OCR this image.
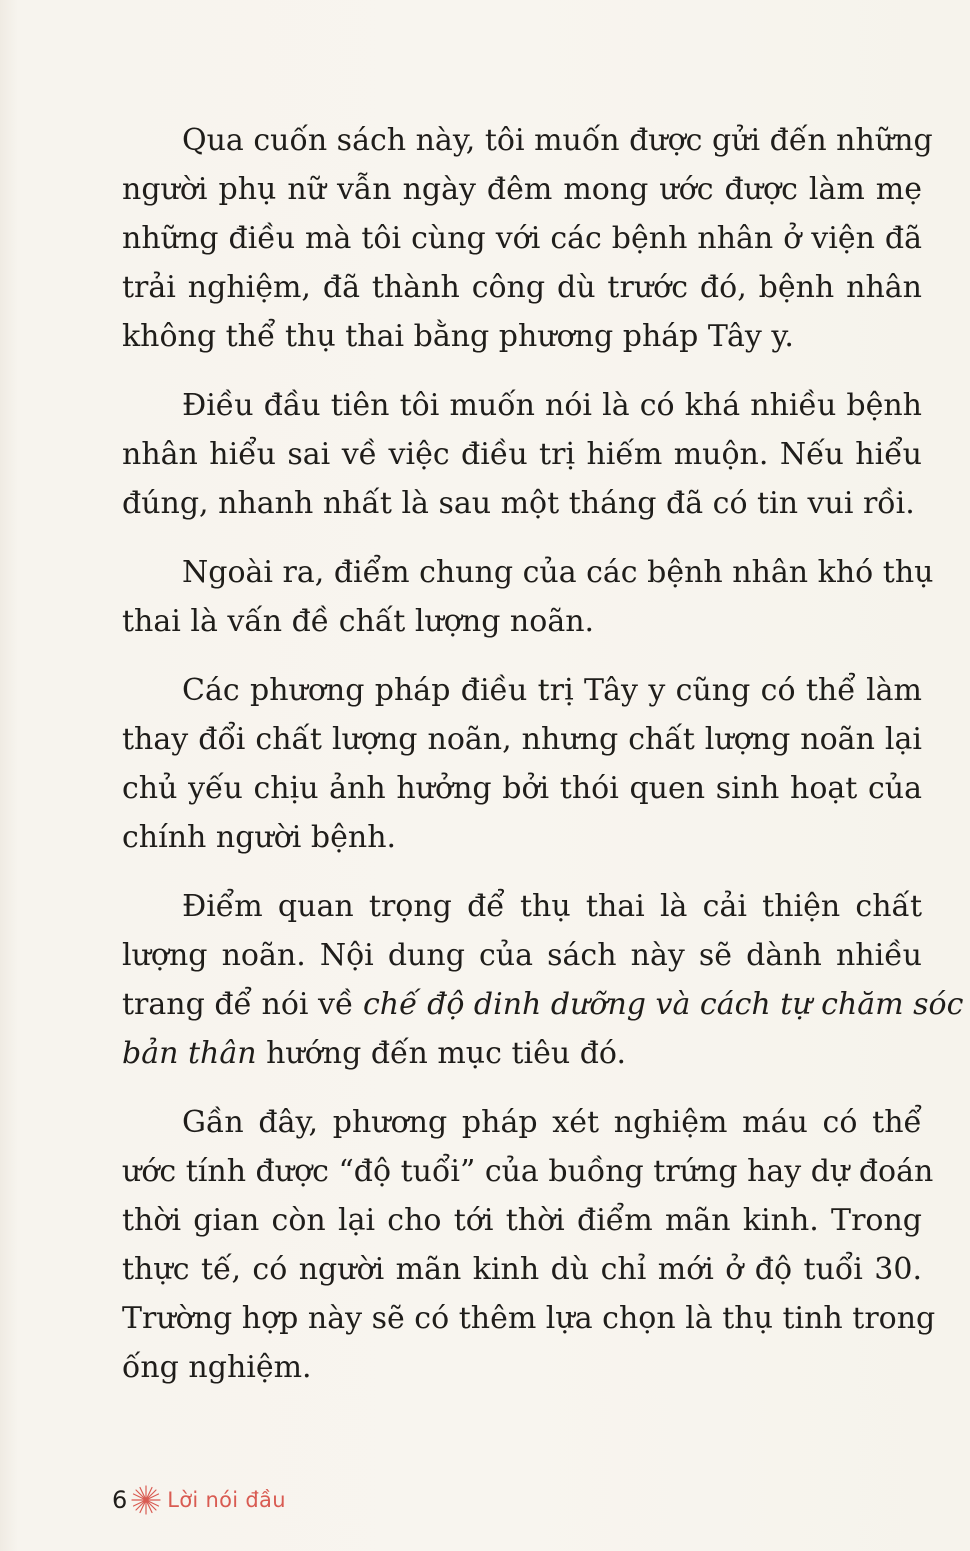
Qua cuốn sách này, tôi muốn được gửi đến những
người phụ nữ vẫn ngày đêm mong ước được làm mẹ
những điều mà tôi cùng với các bệnh nhân ở viện đã
trải nghiệm, đã thành công dù trước đó, bệnh nhân
không thể thụ thai bằng phương pháp Tây y.

Điều đầu tiên tôi muốn nói là có khá nhiều bệnh
nhân hiểu sai về việc điều trị hiếm muộn. Nếu hiểu
đúng, nhanh nhất là sau một tháng đã có tin vui rồi.

Ngoài ra, điểm chung của các bệnh nhân khó thụ
thai là vấn đề chất lượng noãn.

Các phương pháp điều trị Tây y cũng có thể làm
thay đổi chất lượng noãn, nhưng chất lượng noãn lại
chủ yếu chịu ảnh hưởng bởi thói quen sinh hoạt của
chính người bệnh.

Điểm quan trọng để thụ thai là cải thiện chất
lượng noãn. Nội dung của sách này sẽ dành nhiều
trang để nói về chế độ dinh dưỡng và cách tự chăm sóc
bản thân hướng đến mục tiêu đó.

Gần đây, phương pháp xét nghiệm máu có thể
ước tính được “độ tuổi” của buồng trứng hay dự đoán
thời gian còn lại cho tới thời điểm mãn kinh. Trong
thực tế, có người mãn kinh dù chỉ mới ở độ tuổi 30.
Trường hợp này sẽ có thêm lựa chọn là thụ tinh trong
ống nghiệm.

6 Lời nói đầu
